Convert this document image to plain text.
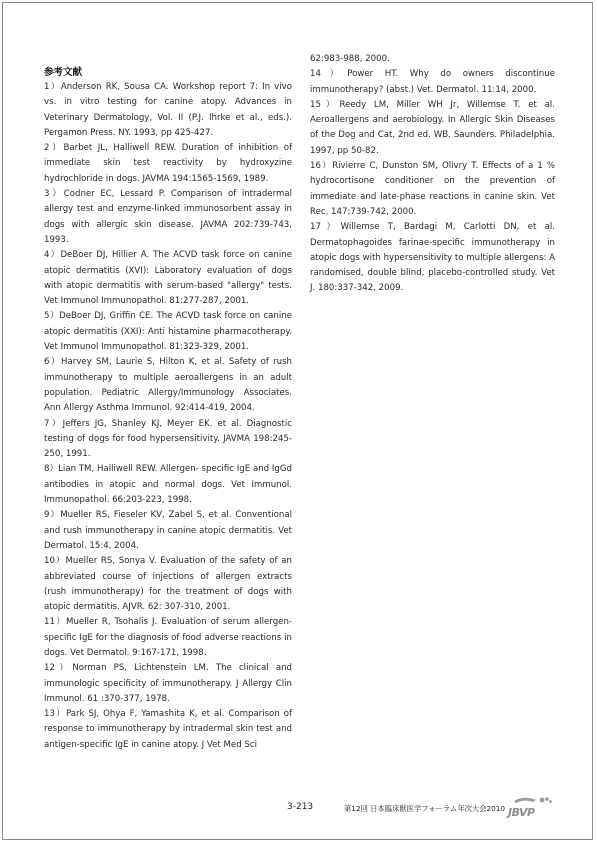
参考文献

1）Anderson RK, Sousa CA. Workshop report 7: In vivo vs. in vitro testing for canine atopy. Advances in Veterinary Dermatology, Vol. II (P.J. Ihrke et al., eds.). Pergamon Press. NY. 1993, pp 425-427.

2）Barbet JL, Halliwell REW. Duration of inhibition of immediate skin test reactivity by hydroxyzine hydrochloride in dogs. JAVMA 194:1565-1569, 1989.

3）Codner EC, Lessard P. Comparison of intradermal allergy test and enzyme-linked immunosorbent assay in dogs with allergic skin disease. JAVMA 202:739-743, 1993.

4）DeBoer DJ, Hillier A. The ACVD task force on canine atopic dermatitis (XVI): Laboratory evaluation of dogs with atopic dermatitis with serum-based "allergy" tests. Vet Immunol Immunopathol. 81:277-287, 2001.

5）DeBoer DJ, Griffin CE. The ACVD task force on canine atopic dermatitis (XXI): Anti histamine pharmacotherapy. Vet Immunol Immunopathol. 81:323-329, 2001.

6）Harvey SM, Laurie S, Hilton K, et al. Safety of rush immunotherapy to multiple aeroallergens in an adult population. Pediatric Allergy/Immunology Associates. Ann Allergy Asthma Immunol. 92:414-419, 2004.

7）Jeffers JG, Shanley KJ, Meyer EK. et al. Diagnostic testing of dogs for food hypersensitivity. JAVMA 198:245-250, 1991.

8）Lian TM, Halliwell REW. Allergen- specific IgE and IgGd antibodies in atopic and normal dogs. Vet Immunol. Immunopathol. 66:203-223, 1998.

9）Mueller RS, Fieseler KV, Zabel S, et al. Conventional and rush immunotherapy in canine atopic dermatitis. Vet Dermatol. 15:4, 2004.

10）Mueller RS, Sonya V. Evaluation of the safety of an abbreviated course of injections of allergen extracts (rush immunotherapy) for the treatment of dogs with atopic dermatitis. AJVR. 62: 307-310, 2001.

11）Mueller R, Tsohalis J. Evaluation of serum allergen-specific IgE for the diagnosis of food adverse reactions in dogs. Vet Dermatol. 9:167-171, 1998.

12）Norman PS, Lichtenstein LM. The clinical and immunologic specificity of immunotherapy. J Allergy Clin Immunol. 61 :370-377, 1978.

13）Park SJ, Ohya F, Yamashita K, et al. Comparison of response to immunotherapy by intradermal skin test and antigen-specific IgE in canine atopy. J Vet Med Sci

62:983-988, 2000.

14）Power HT. Why do owners discontinue immunotherapy? (abst.) Vet. Dermatol. 11:14, 2000.

15）Reedy LM, Miller WH Jr, Willemse T. et al. Aeroallergens and aerobiology. In Allergic Skin Diseases of the Dog and Cat, 2nd ed. WB. Saunders. Philadelphia. 1997, pp 50-82.

16）Rivierre C, Dunston SM, Olivry T. Effects of a 1 % hydrocortisone conditioner on the prevention of immediate and late-phase reactions in canine skin. Vet Rec. 147:739-742, 2000.

17）Willemse T, Bardagi M, Carlotti DN, et al. Dermatophagoides farinae-specific immunotherapy in atopic dogs with hypersensitivity to multiple allergens: A randomised, double blind, placebo-controlled study. Vet J. 180:337-342, 2009.

3-213	第12回 日本臨床獣医学フォーラム年次大会2010 JBVP
